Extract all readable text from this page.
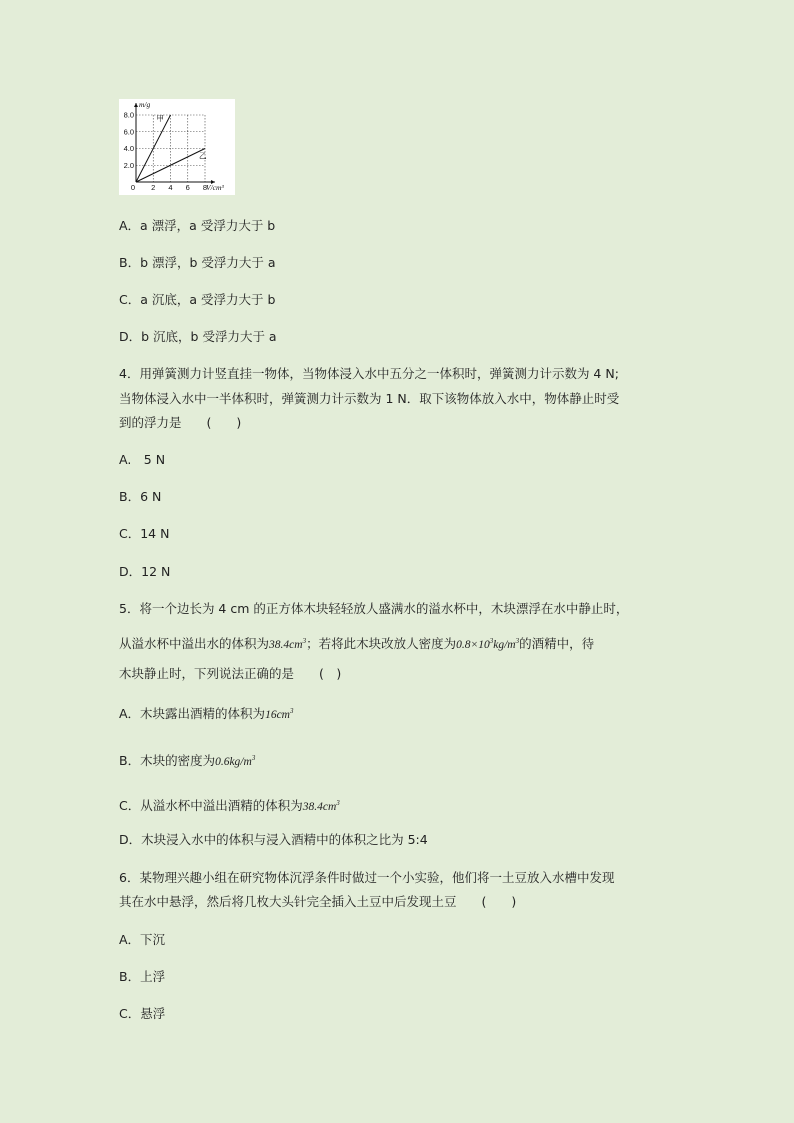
0 2 4 6 8
2.0
4.0
6.0
8.0
m/g
V/cm³
甲
乙
A．a 漂浮，a 受浮力大于 b
B．b 漂浮，b 受浮力大于 a
C．a 沉底，a 受浮力大于 b
D．b 沉底，b 受浮力大于 a
4．用弹簧测力计竖直挂一物体，当物体浸入水中五分之一体积时，弹簧测力计示数为 4 N;
当物体浸入水中一半体积时，弹簧测力计示数为 1 N．取下该物体放入水中，物体静止时受
到的浮力是　　(　　)
A.　5 N
B．6 N
C．14 N
D．12 N
5．将一个边长为 4 cm 的正方体木块轻轻放人盛满水的溢水杯中，木块漂浮在水中静止时，
从溢水杯中溢出水的体积为$38.4cm^3$；若将此木块改放人密度为$0.8\times 10^3kg/m^3$的酒精中，待
木块静止时，下列说法正确的是　　(　)
A．木块露出酒精的体积为$16cm^3$
B．木块的密度为$0.6kg/m^3$
C．从溢水杯中溢出酒精的体积为$38.4cm^3$
D．木块浸入水中的体积与浸入酒精中的体积之比为 5:4
6．某物理兴趣小组在研究物体沉浮条件时做过一个小实验，他们将一土豆放入水槽中发现
其在水中悬浮，然后将几枚大头针完全插入土豆中后发现土豆　　(　　)
A．下沉
B．上浮
C．悬浮
